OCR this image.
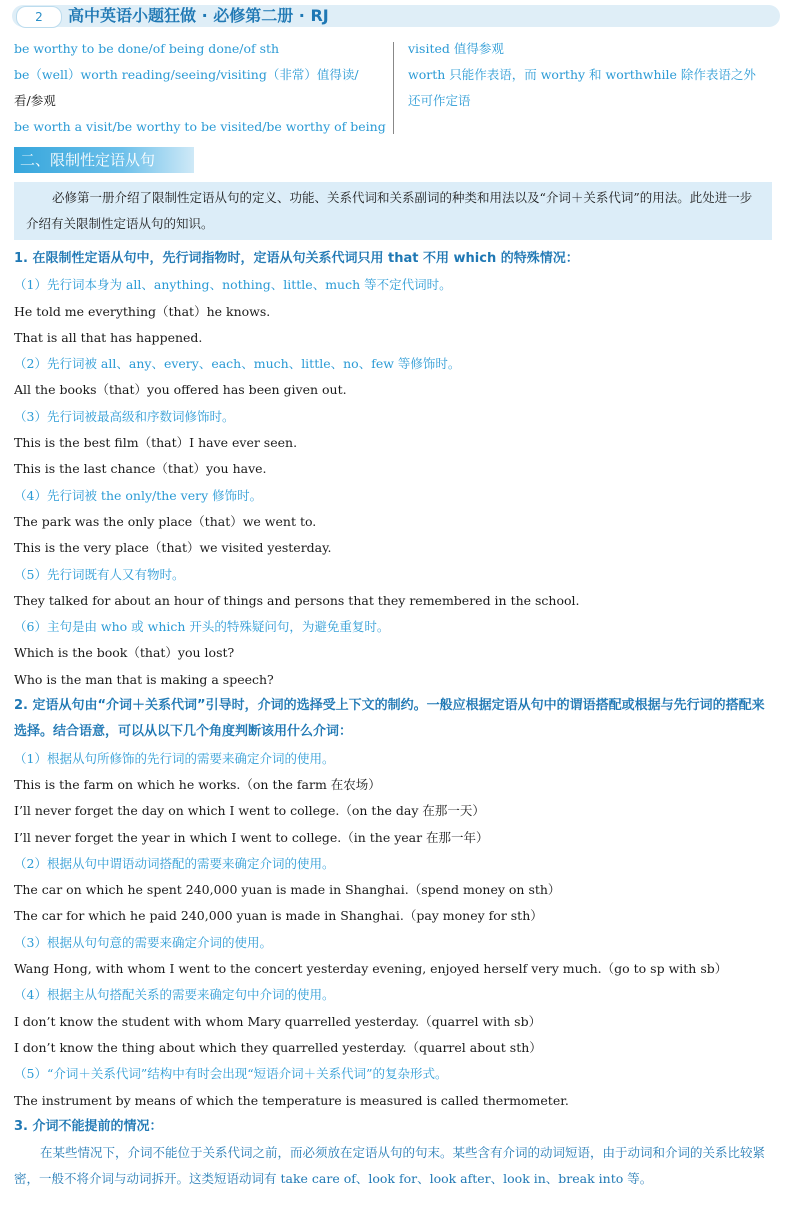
2	高中英语小题狂做 · 必修第二册 · RJ
be worthy to be done/of being done/of sth
be（well）worth reading/seeing/visiting（非常）值得读/
看/参观
be worth a visit/be worthy to be visited/be worthy of being
visited 值得参观
worth 只能作表语，而 worthy 和 worthwhile 除作表语之外
还可作定语
二、限制性定语从句
必修第一册介绍了限制性定语从句的定义、功能、关系代词和关系副词的种类和用法以及“介词＋关系代词”的用法。此处进一步介绍有关限制性定语从句的知识。
1. 在限制性定语从句中，先行词指物时，定语从句关系代词只用 that 不用 which 的特殊情况：
（1）先行词本身为 all、anything、nothing、little、much 等不定代词时。
He told me everything（that）he knows.
That is all that has happened.
（2）先行词被 all、any、every、each、much、little、no、few 等修饰时。
All the books（that）you offered has been given out.
（3）先行词被最高级和序数词修饰时。
This is the best film（that）I have ever seen.
This is the last chance（that）you have.
（4）先行词被 the only/the very 修饰时。
The park was the only place（that）we went to.
This is the very place（that）we visited yesterday.
（5）先行词既有人又有物时。
They talked for about an hour of things and persons that they remembered in the school.
（6）主句是由 who 或 which 开头的特殊疑问句，为避免重复时。
Which is the book（that）you lost?
Who is the man that is making a speech?
2. 定语从句由“介词＋关系代词”引导时，介词的选择受上下文的制约。一般应根据定语从句中的谓语搭配或根据与先行词的搭配来选择。结合语意，可以从以下几个角度判断该用什么介词：
（1）根据从句所修饰的先行词的需要来确定介词的使用。
This is the farm on which he works.（on the farm 在农场）
I’ll never forget the day on which I went to college.（on the day 在那一天）
I’ll never forget the year in which I went to college.（in the year 在那一年）
（2）根据从句中谓语动词搭配的需要来确定介词的使用。
The car on which he spent 240,000 yuan is made in Shanghai.（spend money on sth）
The car for which he paid 240,000 yuan is made in Shanghai.（pay money for sth）
（3）根据从句句意的需要来确定介词的使用。
Wang Hong, with whom I went to the concert yesterday evening, enjoyed herself very much.（go to sp with sb）
（4）根据主从句搭配关系的需要来确定句中介词的使用。
I don’t know the student with whom Mary quarrelled yesterday.（quarrel with sb）
I don’t know the thing about which they quarrelled yesterday.（quarrel about sth）
（5）“介词＋关系代词”结构中有时会出现“短语介词＋关系代词”的复杂形式。
The instrument by means of which the temperature is measured is called thermometer.
3. 介词不能提前的情况：
在某些情况下，介词不能位于关系代词之前，而必须放在定语从句的句末。某些含有介词的动词短语，由于动词和介词的关系比较紧密，一般不将介词与动词拆开。这类短语动词有 take care of、look for、look after、look in、break into 等。
